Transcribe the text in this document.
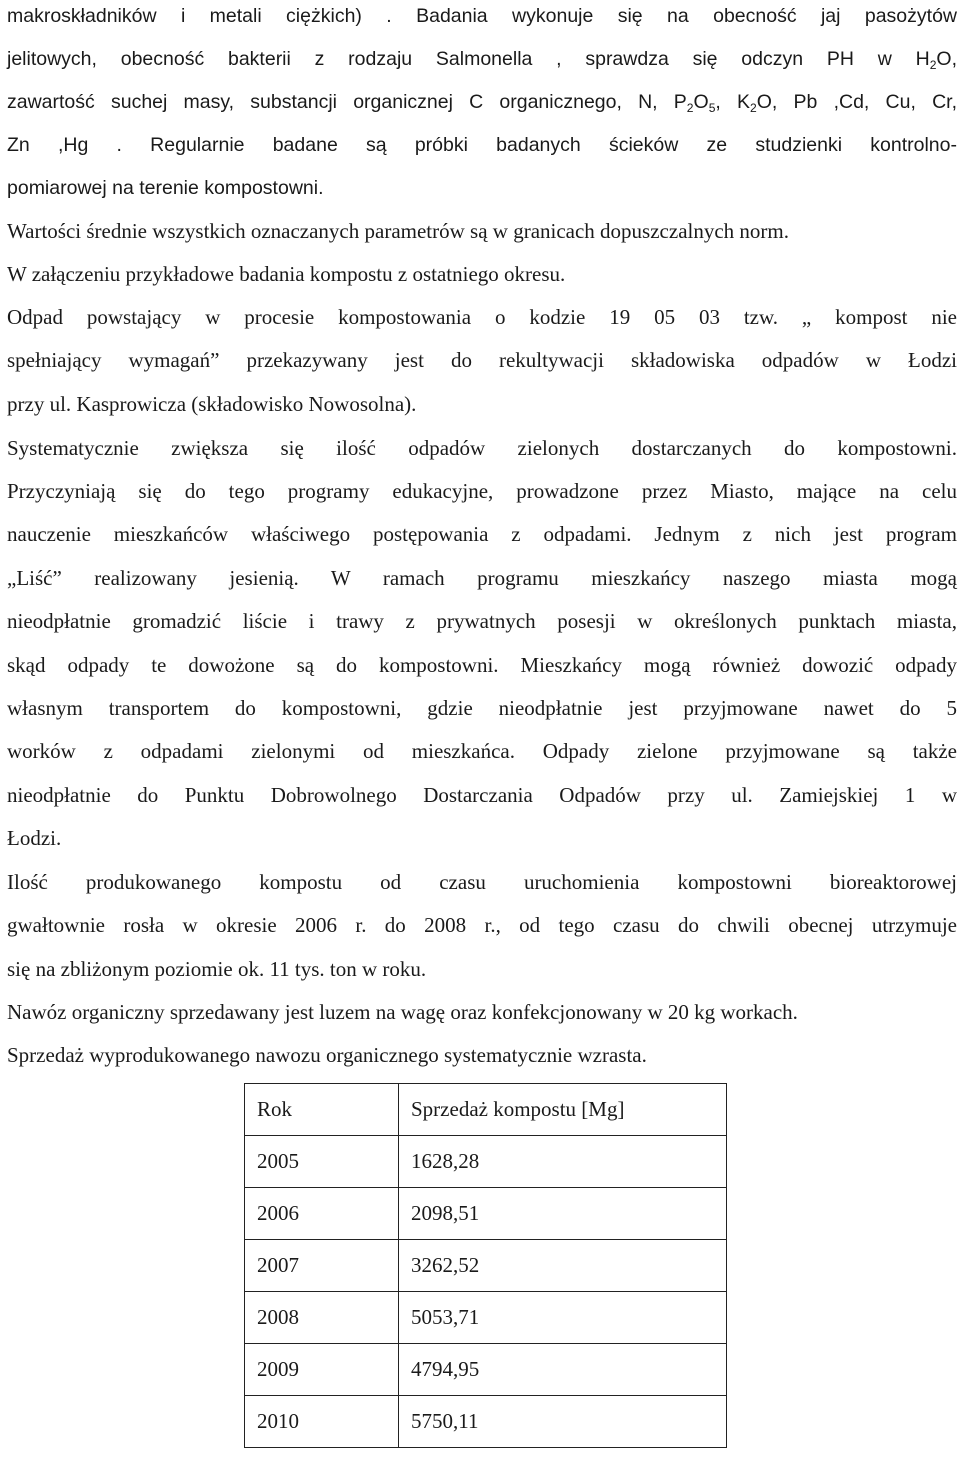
makroskładników i metali ciężkich) . Badania wykonuje się na obecność jaj pasożytów

jelitowych, obecność bakterii z rodzaju Salmonella , sprawdza się odczyn PH w $H_2O$,

zawartość suchej masy, substancji organicznej C organicznego, N, $P_2O_5$, $K_2O$, Pb ,Cd, Cu, Cr,

Zn ,Hg . Regularnie badane są próbki badanych ścieków ze studzienki kontrolno-

pomiarowej na terenie kompostowni.

Wartości średnie wszystkich oznaczanych parametrów są w granicach dopuszczalnych norm.

W załączeniu przykładowe badania kompostu z ostatniego okresu.

Odpad powstający w procesie kompostowania o kodzie 19 05 03 tzw. „ kompost nie

spełniający wymagań” przekazywany jest do rekultywacji składowiska odpadów w Łodzi

przy ul. Kasprowicza (składowisko Nowosolna).

Systematycznie zwiększa się ilość odpadów zielonych dostarczanych do kompostowni.

Przyczyniają się do tego programy edukacyjne, prowadzone przez Miasto, mające na celu

nauczenie mieszkańców właściwego postępowania z odpadami. Jednym z nich jest program

„Liść” realizowany jesienią. W ramach programu mieszkańcy naszego miasta mogą

nieodpłatnie gromadzić liście i trawy z prywatnych posesji w określonych punktach miasta,

skąd odpady te dowożone są do kompostowni. Mieszkańcy mogą również dowozić odpady

własnym transportem do kompostowni, gdzie nieodpłatnie jest przyjmowane nawet do 5

worków z odpadami zielonymi od mieszkańca. Odpady zielone przyjmowane są także

nieodpłatnie do Punktu Dobrowolnego Dostarczania Odpadów przy ul. Zamiejskiej 1 w

Łodzi.

Ilość produkowanego kompostu od czasu uruchomienia kompostowni bioreaktorowej

gwałtownie rosła w okresie 2006 r. do 2008 r., od tego czasu do chwili obecnej utrzymuje

się na zbliżonym poziomie ok. 11 tys. ton w roku.

Nawóz organiczny sprzedawany jest luzem na wagę oraz konfekcjonowany w 20 kg workach.

Sprzedaż wyprodukowanego nawozu organicznego systematycznie wzrasta.

Rok	Sprzedaż kompostu [Mg]
2005	1628,28
2006	2098,51
2007	3262,52
2008	5053,71
2009	4794,95
2010	5750,11
